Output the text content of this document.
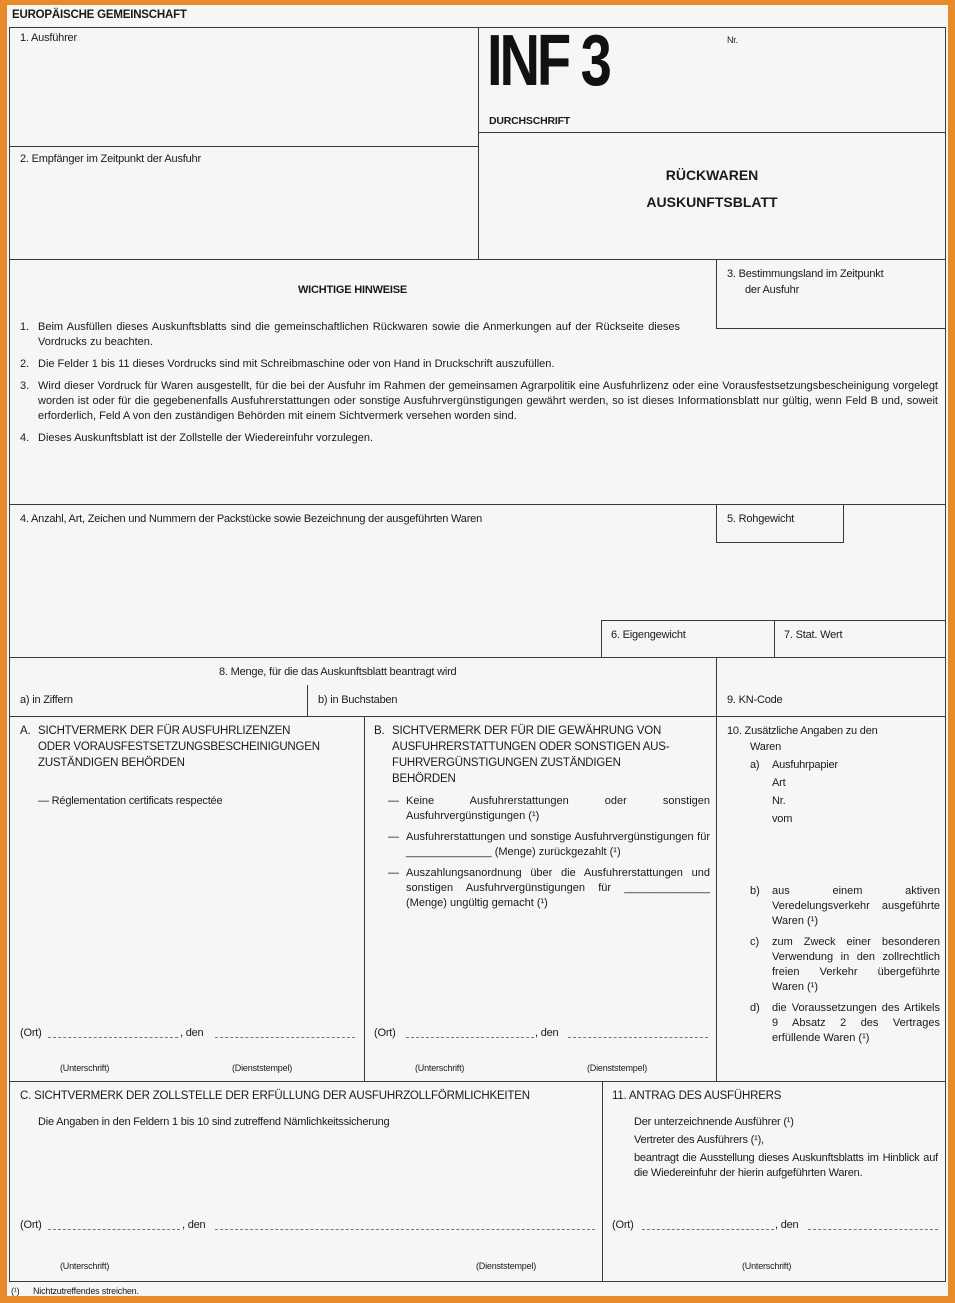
EUROPÄISCHE GEMEINSCHAFT
1. Ausführer
2. Empfänger im Zeitpunkt der Ausfuhr
INF 3	Nr.
DURCHSCHRIFT
RÜCKWAREN
AUSKUNFTSBLATT
3. Bestimmungsland im Zeitpunkt
der Ausfuhr
WICHTIGE HINWEISE
1. Beim Ausfüllen dieses Auskunftsblatts sind die gemeinschaftlichen Rückwaren sowie die Anmerkungen auf der Rückseite dieses Vordrucks zu beachten.
2. Die Felder 1 bis 11 dieses Vordrucks sind mit Schreibmaschine oder von Hand in Druckschrift auszufüllen.
3. Wird dieser Vordruck für Waren ausgestellt, für die bei der Ausfuhr im Rahmen der gemeinsamen Agrarpolitik eine Ausfuhrlizenz oder eine Vorausfestsetzungsbescheinigung vorgelegt worden ist oder für die gegebenenfalls Ausfuhrerstattungen oder sonstige Ausfuhrvergünstigungen gewährt werden, so ist dieses Informationsblatt nur gültig, wenn Feld B und, soweit erforderlich, Feld A von den zuständigen Behörden mit einem Sichtvermerk versehen worden sind.
4. Dieses Auskunftsblatt ist der Zollstelle der Wiedereinfuhr vorzulegen.
4. Anzahl, Art, Zeichen und Nummern der Packstücke sowie Bezeichnung der ausgeführten Waren	5. Rohgewicht
6. Eigengewicht	7. Stat. Wert
8. Menge, für die das Auskunftsblatt beantragt wird
a) in Ziffern	b) in Buchstaben	9. KN-Code
A. SICHTVERMERK DER FÜR AUSFUHRLIZENZEN
ODER VORAUSFESTSETZUNGSBESCHEINIGUNGEN
ZUSTÄNDIGEN BEHÖRDEN
— Réglementation certificats respectée
(Ort)	, den
(Unterschrift)	(Dienststempel)
B. SICHTVERMERK DER FÜR DIE GEWÄHRUNG VON
AUSFUHRERSTATTUNGEN ODER SONSTIGEN AUS-
FUHRVERGÜNSTIGUNGEN ZUSTÄNDIGEN
BEHÖRDEN
— Keine Ausfuhrerstattungen oder sonstigen Ausfuhrvergünstigungen (¹)
— Ausfuhrerstattungen und sonstige Ausfuhrvergünstigungen für ______________ (Menge) zurückgezahlt (¹)
— Auszahlungsanordnung über die Ausfuhrerstattungen und sonstigen Ausfuhrvergünstigungen für ______________ (Menge) ungültig gemacht (¹)
(Ort)	, den
(Unterschrift)	(Dienststempel)
10. Zusätzliche Angaben zu den
Waren
a) Ausfuhrpapier
Art
Nr.
vom
b)	aus einem aktiven Veredelungsverkehr ausgeführte Waren (¹)
c)	zum Zweck einer besonderen Verwendung in den zollrechtlich freien Verkehr übergeführte Waren (¹)
d)	die Voraussetzungen des Artikels 9 Absatz 2 des Vertrages erfüllende Waren (¹)
C. SICHTVERMERK DER ZOLLSTELLE DER ERFÜLLUNG DER AUSFUHRZOLLFÖRMLICHKEITEN
Die Angaben in den Feldern 1 bis 10 sind zutreffend Nämlichkeitssicherung
(Ort)	, den
(Unterschrift)	(Dienststempel)
11. ANTRAG DES AUSFÜHRERS
Der unterzeichnende Ausführer (¹)
Vertreter des Ausführers (¹),
beantragt die Ausstellung dieses Auskunftsblatts im Hinblick auf die Wiedereinfuhr der hierin aufgeführten Waren.
(Ort)	, den
(Unterschrift)
(¹) Nichtzutreffendes streichen.
